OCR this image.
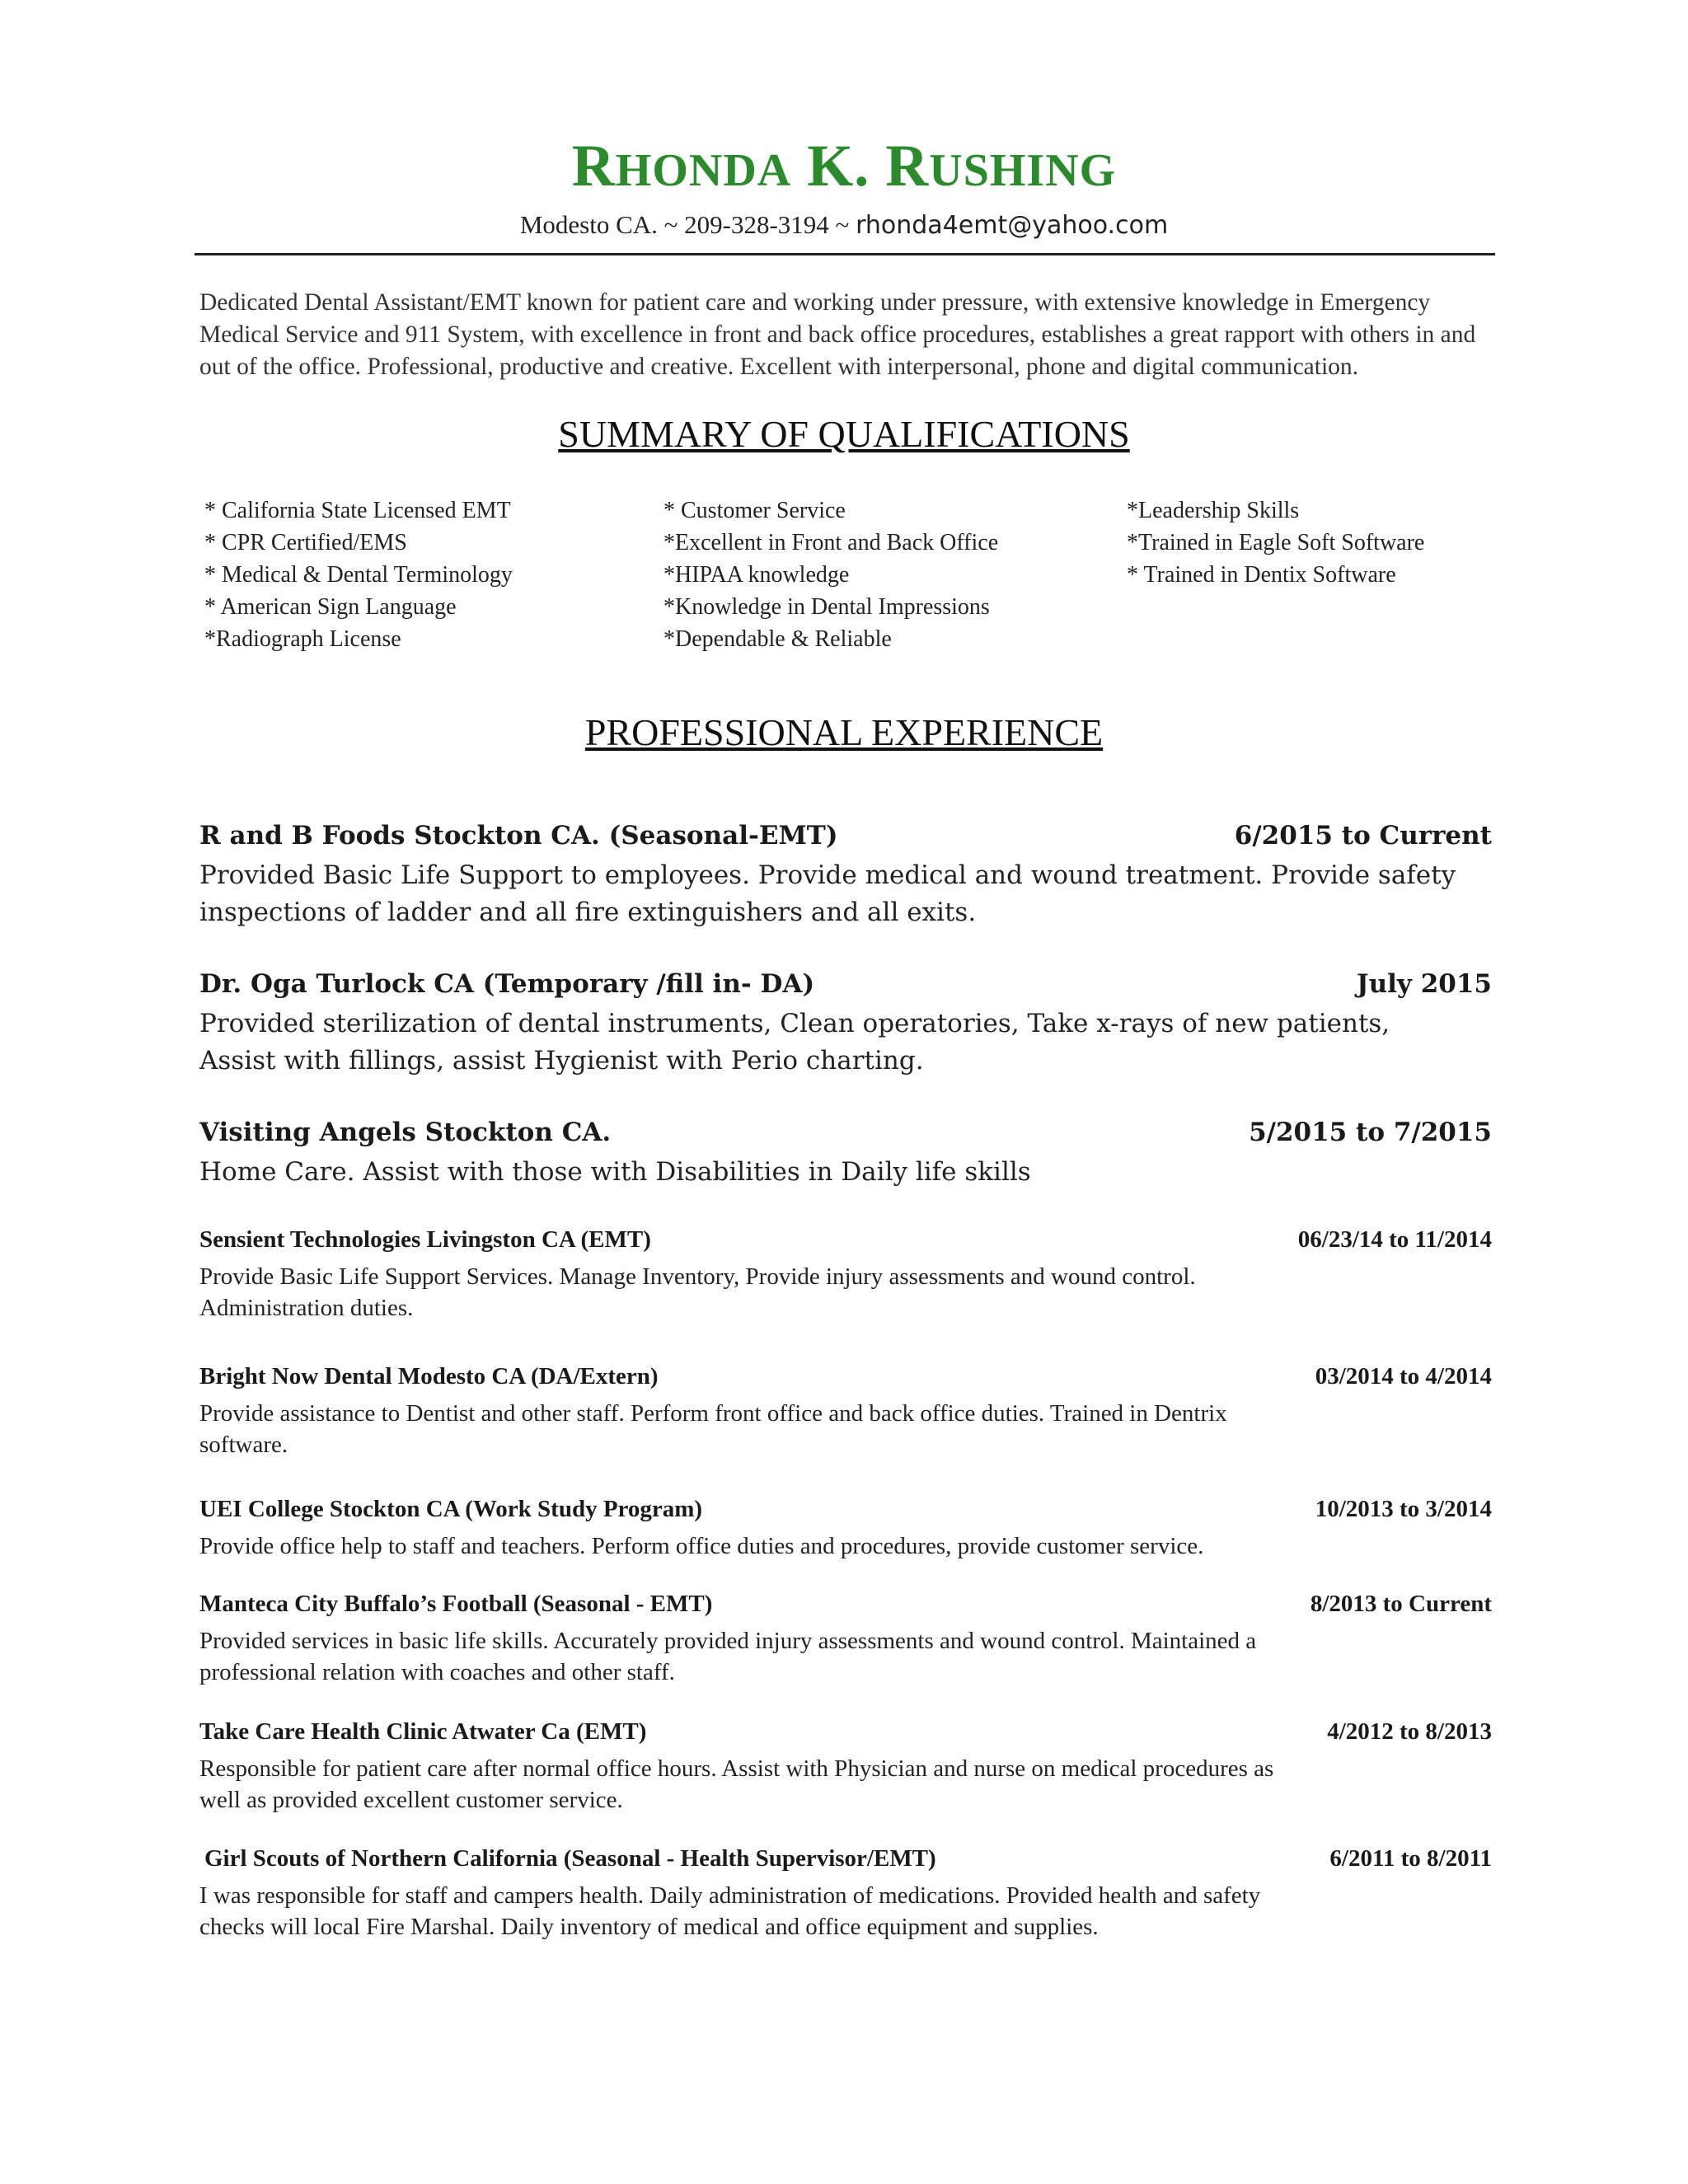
RHONDA K. RUSHING
Modesto CA. ~ 209-328-3194 ~ rhonda4emt@yahoo.com
Dedicated Dental Assistant/EMT known for patient care and working under pressure, with extensive knowledge in Emergency Medical Service and 911 System, with excellence in front and back office procedures, establishes a great rapport with others in and out of the office. Professional, productive and creative. Excellent with interpersonal, phone and digital communication.
SUMMARY OF QUALIFICATIONS
* California State Licensed EMT
* CPR Certified/EMS
* Medical & Dental Terminology
* American Sign Language
*Radiograph License
* Customer Service
*Excellent in Front and Back Office
*HIPAA knowledge
*Knowledge in Dental Impressions
*Dependable & Reliable
*Leadership Skills
*Trained in Eagle Soft Software
* Trained in Dentix Software
PROFESSIONAL EXPERIENCE
R and B Foods Stockton CA. (Seasonal-EMT)	6/2015 to Current
Provided Basic Life Support to employees. Provide medical and wound treatment. Provide safety
inspections of ladder and all fire extinguishers and all exits.
Dr. Oga Turlock CA (Temporary /fill in- DA)	July 2015
Provided sterilization of dental instruments, Clean operatories, Take x-rays of new patients,
Assist with fillings, assist Hygienist with Perio charting.
Visiting Angels Stockton CA.	5/2015 to 7/2015
Home Care. Assist with those with Disabilities in Daily life skills
Sensient Technologies Livingston CA (EMT)	06/23/14 to 11/2014
Provide Basic Life Support Services. Manage Inventory, Provide injury assessments and wound control.
Administration duties.
Bright Now Dental Modesto CA (DA/Extern)	03/2014 to 4/2014
Provide assistance to Dentist and other staff. Perform front office and back office duties. Trained in Dentrix
software.
UEI College Stockton CA (Work Study Program)	10/2013 to 3/2014
Provide office help to staff and teachers. Perform office duties and procedures, provide customer service.
Manteca City Buffalo’s Football (Seasonal - EMT)	8/2013 to Current
Provided services in basic life skills. Accurately provided injury assessments and wound control. Maintained a
professional relation with coaches and other staff.
Take Care Health Clinic Atwater Ca (EMT)	4/2012 to 8/2013
Responsible for patient care after normal office hours. Assist with Physician and nurse on medical procedures as
well as provided excellent customer service.
Girl Scouts of Northern California (Seasonal - Health Supervisor/EMT)	6/2011 to 8/2011
I was responsible for staff and campers health. Daily administration of medications. Provided health and safety
checks will local Fire Marshal. Daily inventory of medical and office equipment and supplies.
